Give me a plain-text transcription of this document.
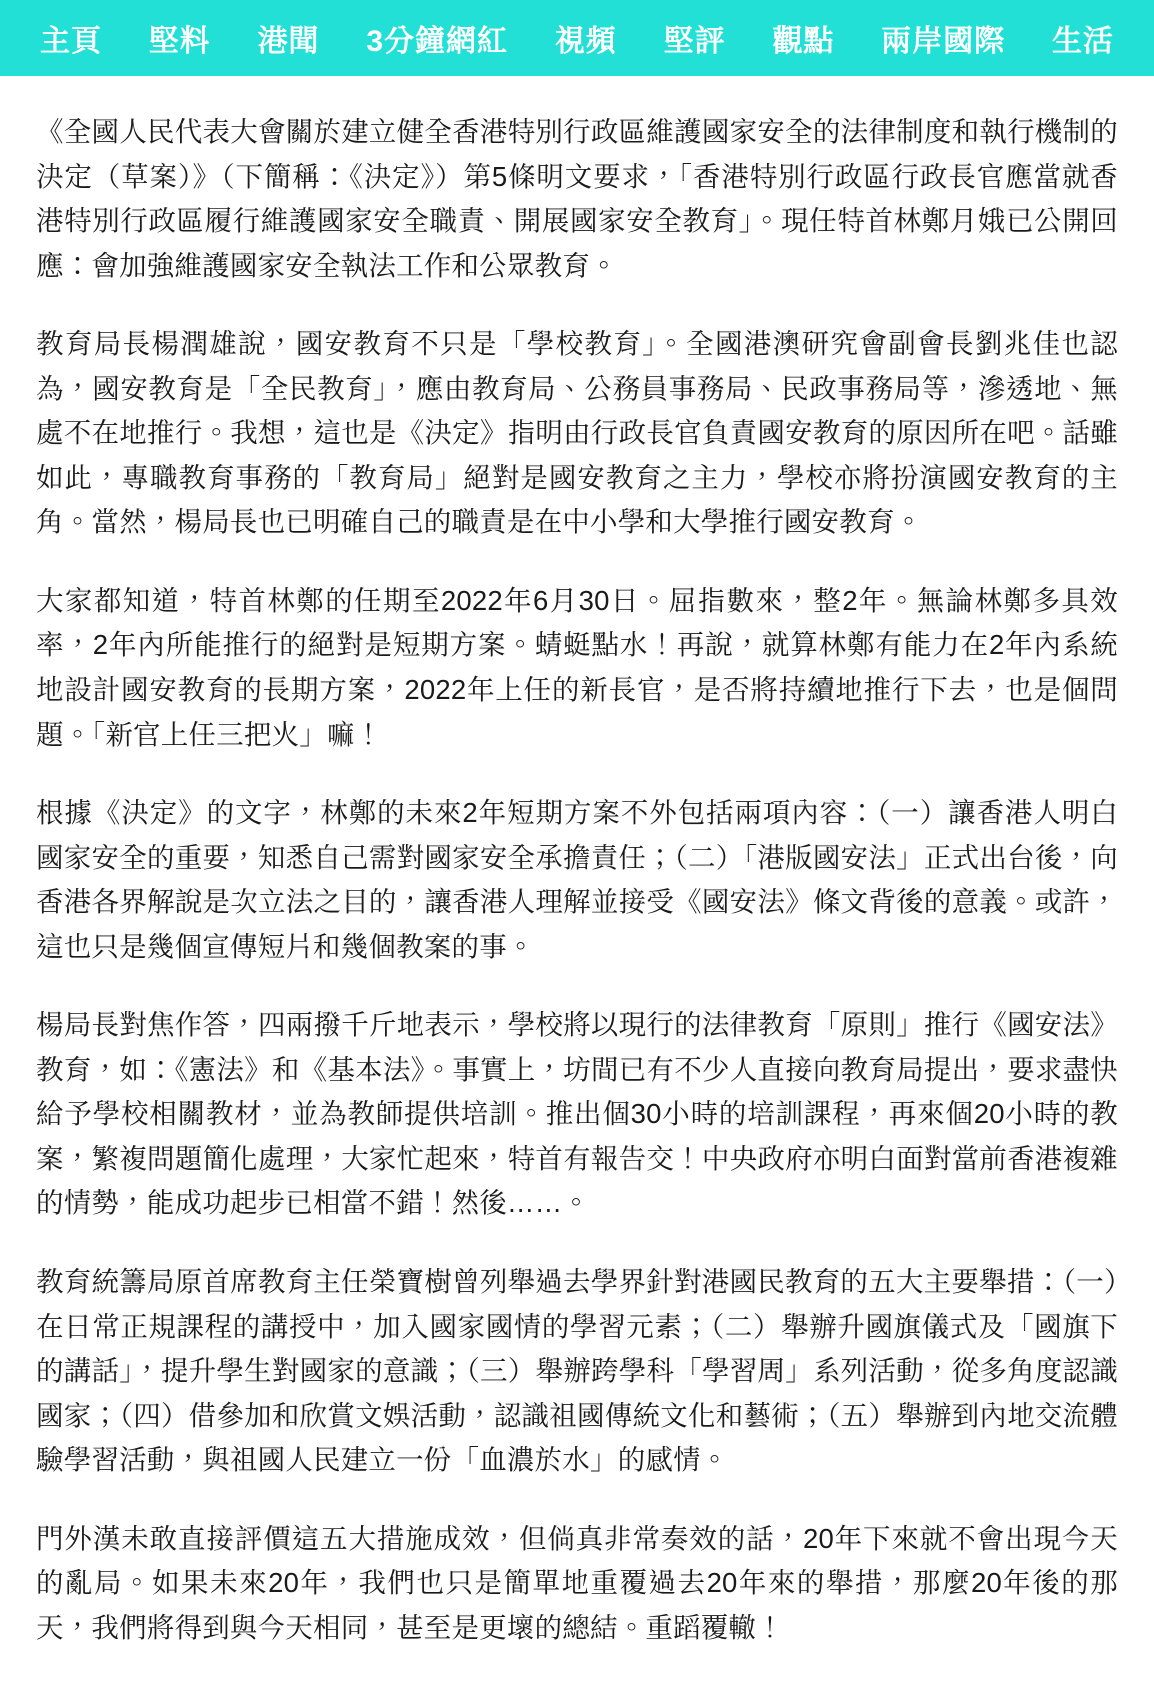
主頁 堅料 港聞 3分鐘網紅 視頻 堅評 觀點 兩岸國際 生活

《全國人民代表大會關於建立健全香港特別行政區維護國家安全的法律制度和執行機制的決定（草案）》（下簡稱：《決定》）第5條明文要求，「香港特別行政區行政長官應當就香港特別行政區履行維護國家安全職責、開展國家安全教育」。現任特首林鄭月娥已公開回應：會加強維護國家安全執法工作和公眾教育。

教育局長楊潤雄說，國安教育不只是「學校教育」。全國港澳研究會副會長劉兆佳也認為，國安教育是「全民教育」，應由教育局、公務員事務局、民政事務局等，滲透地、無處不在地推行。我想，這也是《決定》指明由行政長官負責國安教育的原因所在吧。話雖如此，專職教育事務的「教育局」絕對是國安教育之主力，學校亦將扮演國安教育的主角。當然，楊局長也已明確自己的職責是在中小學和大學推行國安教育。

大家都知道，特首林鄭的任期至2022年6月30日。屈指數來，整2年。無論林鄭多具效率，2年內所能推行的絕對是短期方案。蜻蜓點水！再說，就算林鄭有能力在2年內系統地設計國安教育的長期方案，2022年上任的新長官，是否將持續地推行下去，也是個問題。「新官上任三把火」嘛！

根據《決定》的文字，林鄭的未來2年短期方案不外包括兩項內容：（一）讓香港人明白國家安全的重要，知悉自己需對國家安全承擔責任；（二）「港版國安法」正式出台後，向香港各界解說是次立法之目的，讓香港人理解並接受《國安法》條文背後的意義。或許，這也只是幾個宣傳短片和幾個教案的事。

楊局長對焦作答，四兩撥千斤地表示，學校將以現行的法律教育「原則」推行《國安法》教育，如：《憲法》和《基本法》。事實上，坊間已有不少人直接向教育局提出，要求盡快給予學校相關教材，並為教師提供培訓。推出個30小時的培訓課程，再來個20小時的教案，繁複問題簡化處理，大家忙起來，特首有報告交！中央政府亦明白面對當前香港複雜的情勢，能成功起步已相當不錯！然後……。

教育統籌局原首席教育主任榮寶樹曾列舉過去學界針對港國民教育的五大主要舉措：（一）在日常正規課程的講授中，加入國家國情的學習元素；（二）舉辦升國旗儀式及「國旗下的講話」，提升學生對國家的意識；（三）舉辦跨學科「學習周」系列活動，從多角度認識國家；（四）借參加和欣賞文娛活動，認識祖國傳統文化和藝術；（五）舉辦到內地交流體驗學習活動，與祖國人民建立一份「血濃於水」的感情。

門外漢未敢直接評價這五大措施成效，但倘真非常奏效的話，20年下來就不會出現今天的亂局。如果未來20年，我們也只是簡單地重覆過去20年來的舉措，那麼20年後的那天，我們將得到與今天相同，甚至是更壞的總結。重蹈覆轍！
